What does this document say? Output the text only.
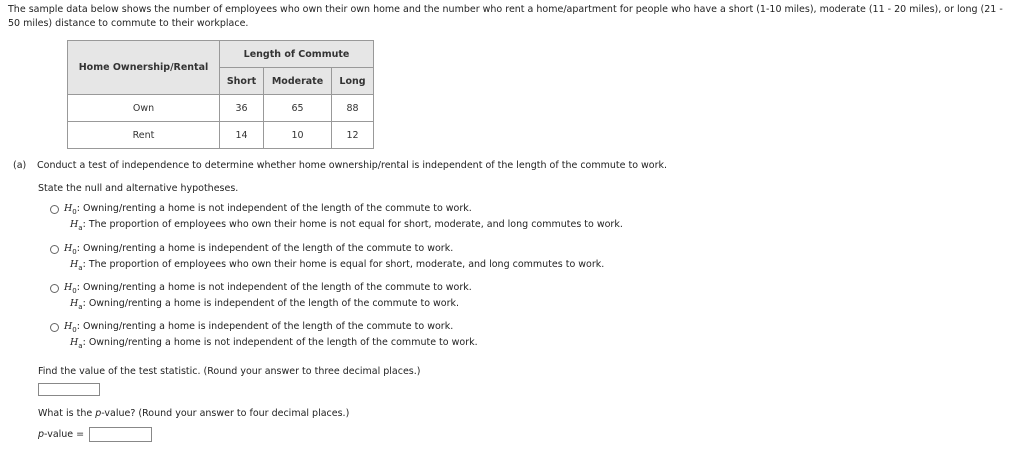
The sample data below shows the number of employees who own their own home and the number who rent a home/apartment for people who have a short (1-10 miles), moderate (11 - 20 miles), or long (21 - 50 miles) distance to commute to their workplace.
Home Ownership/Rental	Length of Commute		
	Short	Moderate	Long
Own	36	65	88
Rent	14	10	12
(a) Conduct a test of independence to determine whether home ownership/rental is independent of the length of the commute to work.
State the null and alternative hypotheses.
$H_0$: Owning/renting a home is not independent of the length of the commute to work.
$H_a$: The proportion of employees who own their home is not equal for short, moderate, and long commutes to work.
$H_0$: Owning/renting a home is independent of the length of the commute to work.
$H_a$: The proportion of employees who own their home is equal for short, moderate, and long commutes to work.
$H_0$: Owning/renting a home is not independent of the length of the commute to work.
$H_a$: Owning/renting a home is independent of the length of the commute to work.
$H_0$: Owning/renting a home is independent of the length of the commute to work.
$H_a$: Owning/renting a home is not independent of the length of the commute to work.
Find the value of the test statistic. (Round your answer to three decimal places.)
What is the p-value? (Round your answer to four decimal places.)
p-value =
